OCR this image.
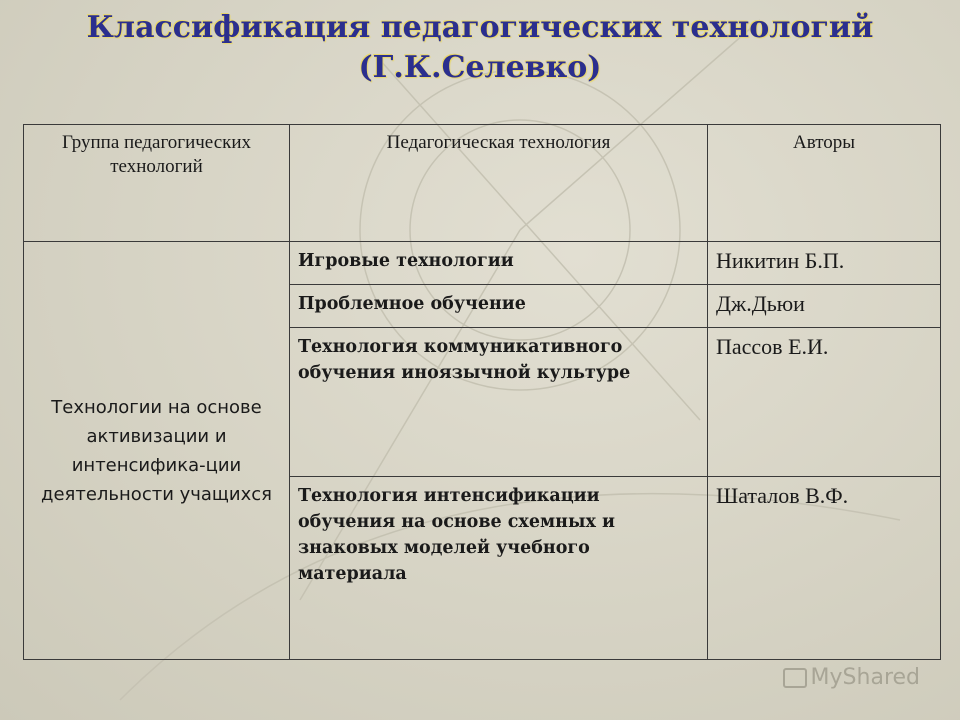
Классификация педагогических технологий
(Г.К.Селевко)
Группа педагогических технологий	Педагогическая технология	Авторы
Технологии на основе активизации и интенсифика-ции деятельности учащихся	Игровые технологии	Никитин Б.П.
	Проблемное обучение	Дж.Дьюи
	Технология коммуникативного обучения иноязычной культуре	Пассов Е.И.
	Технология интенсификации обучения на основе схемных и знаковых моделей учебного материала	Шаталов В.Ф.
MyShared
